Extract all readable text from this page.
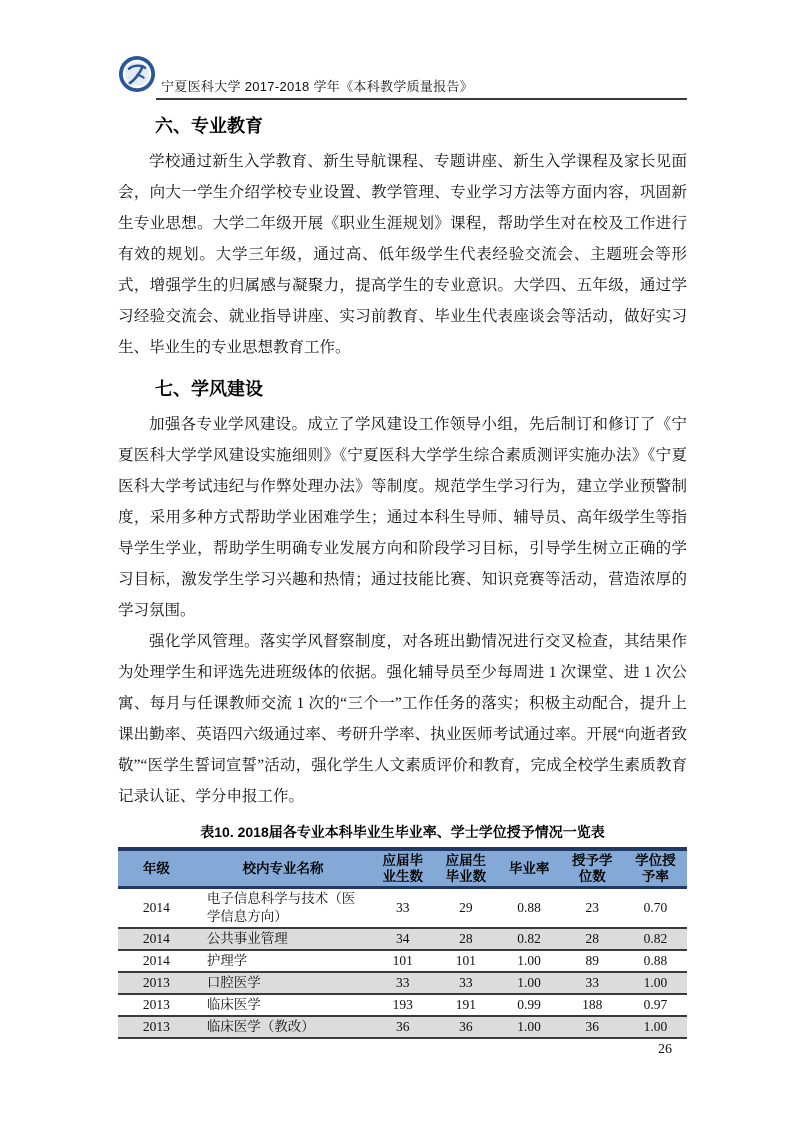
宁夏医科大学 2017-2018 学年《本科教学质量报告》
六、专业教育

学校通过新生入学教育、新生导航课程、专题讲座、新生入学课程及家长见面会，向大一学生介绍学校专业设置、教学管理、专业学习方法等方面内容，巩固新生专业思想。大学二年级开展《职业生涯规划》课程，帮助学生对在校及工作进行有效的规划。大学三年级，通过高、低年级学生代表经验交流会、主题班会等形式，增强学生的归属感与凝聚力，提高学生的专业意识。大学四、五年级，通过学习经验交流会、就业指导讲座、实习前教育、毕业生代表座谈会等活动，做好实习生、毕业生的专业思想教育工作。

七、学风建设

加强各专业学风建设。成立了学风建设工作领导小组，先后制订和修订了《宁夏医科大学学风建设实施细则》《宁夏医科大学学生综合素质测评实施办法》《宁夏医科大学考试违纪与作弊处理办法》等制度。规范学生学习行为，建立学业预警制度，采用多种方式帮助学业困难学生；通过本科生导师、辅导员、高年级学生等指导学生学业，帮助学生明确专业发展方向和阶段学习目标，引导学生树立正确的学习目标，激发学生学习兴趣和热情；通过技能比赛、知识竞赛等活动，营造浓厚的学习氛围。

强化学风管理。落实学风督察制度，对各班出勤情况进行交叉检查，其结果作为处理学生和评选先进班级体的依据。强化辅导员至少每周进 1 次课堂、进 1 次公寓、每月与任课教师交流 1 次的“三个一”工作任务的落实；积极主动配合，提升上课出勤率、英语四六级通过率、考研升学率、执业医师考试通过率。开展“向逝者致敬”“医学生誓词宣誓”活动，强化学生人文素质评价和教育，完成全校学生素质教育记录认证、学分申报工作。

表10. 2018届各专业本科毕业生毕业率、学士学位授予情况一览表
年级	校内专业名称	应届毕业生数	应届生毕业数	毕业率	授予学位数	学位授予率
2014	电子信息科学与技术（医学信息方向）	33	29	0.88	23	0.70
2014	公共事业管理	34	28	0.82	28	0.82
2014	护理学	101	101	1.00	89	0.88
2013	口腔医学	33	33	1.00	33	1.00
2013	临床医学	193	191	0.99	188	0.97
2013	临床医学（教改）	36	36	1.00	36	1.00
26
